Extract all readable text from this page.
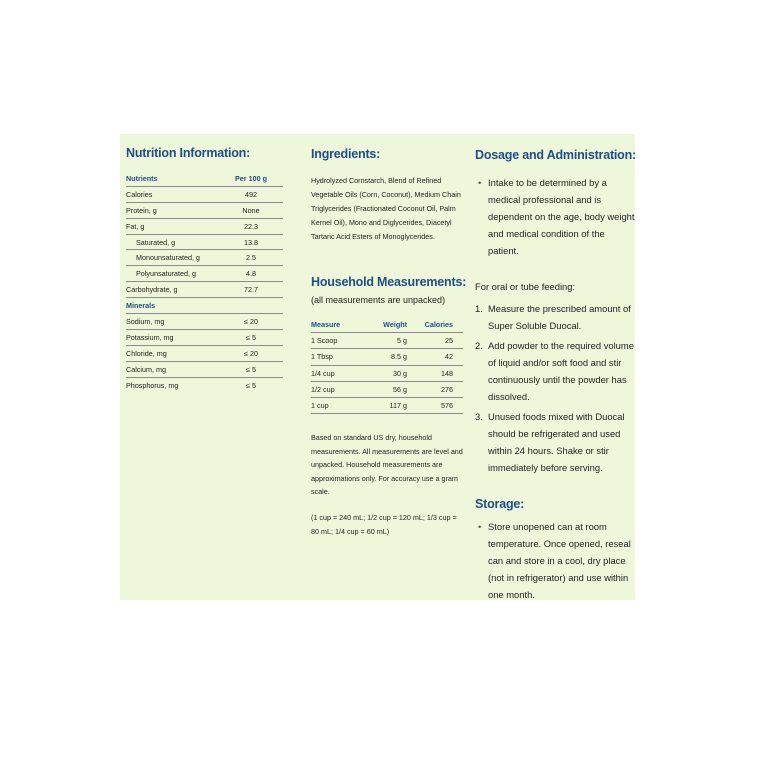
Nutrition Information:
Nutrients	Per 100 g
Calories	492
Protein, g	None
Fat, g	22.3
Saturated, g	13.8
Monounsaturated, g	2.5
Polyunsaturated, g	4.8
Carbohydrate, g	72.7
Minerals
Sodium, mg	≤ 20
Potassium, mg	≤ 5
Chloride, mg	≤ 20
Calcium, mg	≤ 5
Phosphorus, mg	≤ 5
Ingredients:
Hydrolyzed Cornstarch, Blend of Refined Vegetable Oils (Corn, Coconut), Medium Chain Triglycerides (Fractionated Coconut Oil, Palm Kernel Oil), Mono and Diglycerides, Diacetyl Tartaric Acid Esters of Monoglycerides.
Household Measurements:
(all measurements are unpacked)
Measure	Weight	Calories
1 Scoop	5 g	25
1 Tbsp	8.5 g	42
1/4 cup	30 g	148
1/2 cup	56 g	276
1 cup	117 g	576
Based on standard US dry, household measurements. All measurements are level and unpacked. Household measurements are approximations only. For accuracy use a gram scale.
(1 cup = 240 mL; 1/2 cup = 120 mL; 1/3 cup = 80 mL; 1/4 cup = 60 mL)
Dosage and Administration:
• Intake to be determined by a medical professional and is dependent on the age, body weight and medical condition of the patient.
For oral or tube feeding:
1. Measure the prescribed amount of Super Soluble Duocal.
2. Add powder to the required volume of liquid and/or soft food and stir continuously until the powder has dissolved.
3. Unused foods mixed with Duocal should be refrigerated and used within 24 hours. Shake or stir immediately before serving.
Storage:
• Store unopened can at room temperature. Once opened, reseal can and store in a cool, dry place (not in refrigerator) and use within one month.
